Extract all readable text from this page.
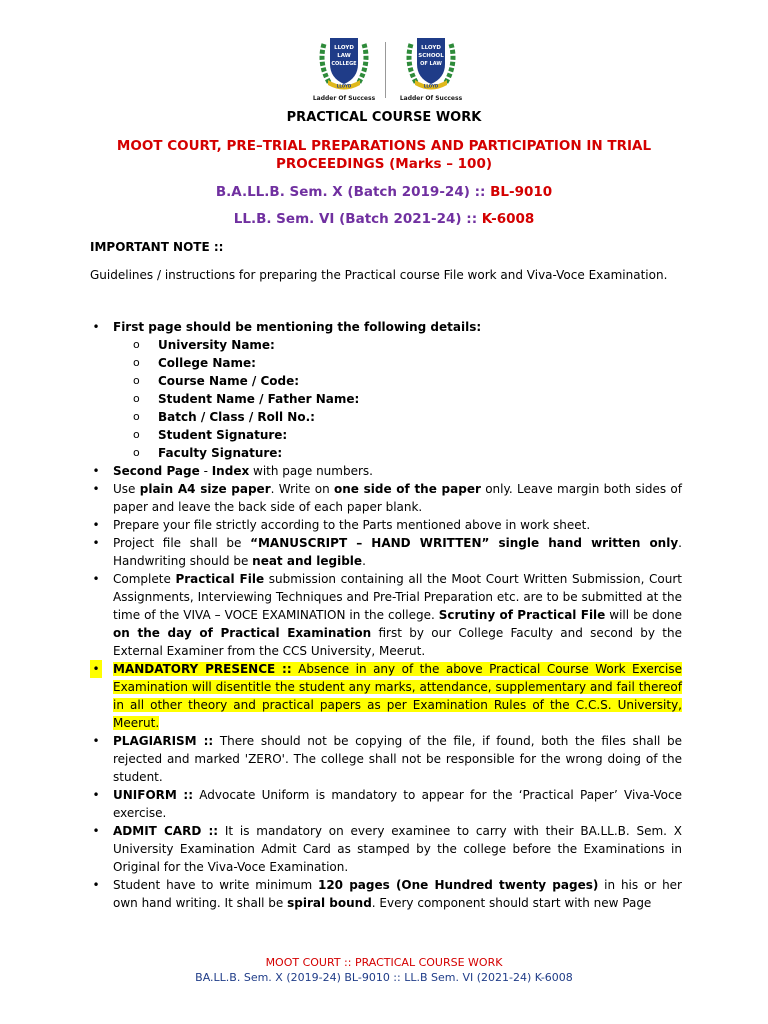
LLOYD
LAW
COLLEGE
LLOYD
Ladder Of Success
LLOYD
SCHOOL
OF LAW
LLOYD
Ladder Of Success
PRACTICAL COURSE WORK
MOOT COURT, PRE–TRIAL PREPARATIONS AND PARTICIPATION IN TRIAL PROCEEDINGS (Marks – 100)
B.A.LL.B. Sem. X (Batch 2019-24) :: BL-9010
LL.B. Sem. VI (Batch 2021-24) :: K-6008
IMPORTANT NOTE ::
Guidelines / instructions for preparing the Practical course File work and Viva-Voce Examination.
• First page should be mentioning the following details:
o University Name:
o College Name:
o Course Name / Code:
o Student Name / Father Name:
o Batch / Class / Roll No.:
o Student Signature:
o Faculty Signature:
• Second Page - Index with page numbers.
• Use plain A4 size paper. Write on one side of the paper only. Leave margin both sides of paper and leave the back side of each paper blank.
• Prepare your file strictly according to the Parts mentioned above in work sheet.
• Project file shall be “MANUSCRIPT – HAND WRITTEN” single hand written only. Handwriting should be neat and legible.
• Complete Practical File submission containing all the Moot Court Written Submission, Court Assignments, Interviewing Techniques and Pre-Trial Preparation etc. are to be submitted at the time of the VIVA – VOCE EXAMINATION in the college. Scrutiny of Practical File will be done on the day of Practical Examination first by our College Faculty and second by the External Examiner from the CCS University, Meerut.
• MANDATORY PRESENCE :: Absence in any of the above Practical Course Work Exercise Examination will disentitle the student any marks, attendance, supplementary and fail thereof in all other theory and practical papers as per Examination Rules of the C.C.S. University, Meerut.
• PLAGIARISM :: There should not be copying of the file, if found, both the files shall be rejected and marked 'ZERO'. The college shall not be responsible for the wrong doing of the student.
• UNIFORM :: Advocate Uniform is mandatory to appear for the ‘Practical Paper’ Viva-Voce exercise.
• ADMIT CARD :: It is mandatory on every examinee to carry with their BA.LL.B. Sem. X University Examination Admit Card as stamped by the college before the Examinations in Original for the Viva-Voce Examination.
• Student have to write minimum 120 pages (One Hundred twenty pages) in his or her own hand writing. It shall be spiral bound. Every component should start with new Page
MOOT COURT :: PRACTICAL COURSE WORK
BA.LL.B. Sem. X (2019-24) BL-9010 :: LL.B Sem. VI (2021-24) K-6008
